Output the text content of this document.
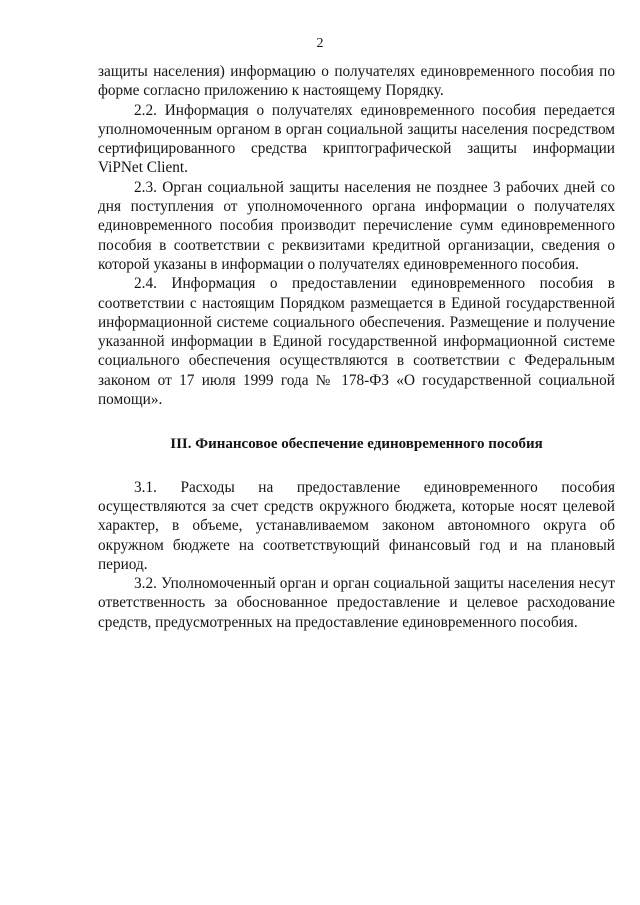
2

защиты населения) информацию о получателях единовременного пособия по форме согласно приложению к настоящему Порядку.

2.2. Информация о получателях единовременного пособия передается уполномоченным органом в орган социальной защиты населения посредством сертифицированного средства криптографической защиты информации ViPNet Client.

2.3. Орган социальной защиты населения не позднее 3 рабочих дней со дня поступления от уполномоченного органа информации о получателях единовременного пособия производит перечисление сумм единовременного пособия в соответствии с реквизитами кредитной организации, сведения о которой указаны в информации о получателях единовременного пособия.

2.4. Информация о предоставлении единовременного пособия в соответствии с настоящим Порядком размещается в Единой государственной информационной системе социального обеспечения. Размещение и получение указанной информации в Единой государственной информационной системе социального обеспечения осуществляются в соответствии с Федеральным законом от 17 июля 1999 года № 178-ФЗ «О государственной социальной помощи».

III. Финансовое обеспечение единовременного пособия

3.1. Расходы на предоставление единовременного пособия осуществляются за счет средств окружного бюджета, которые носят целевой характер, в объеме, устанавливаемом законом автономного округа об окружном бюджете на соответствующий финансовый год и на плановый период.

3.2. Уполномоченный орган и орган социальной защиты населения несут ответственность за обоснованное предоставление и целевое расходование средств, предусмотренных на предоставление единовременного пособия.
